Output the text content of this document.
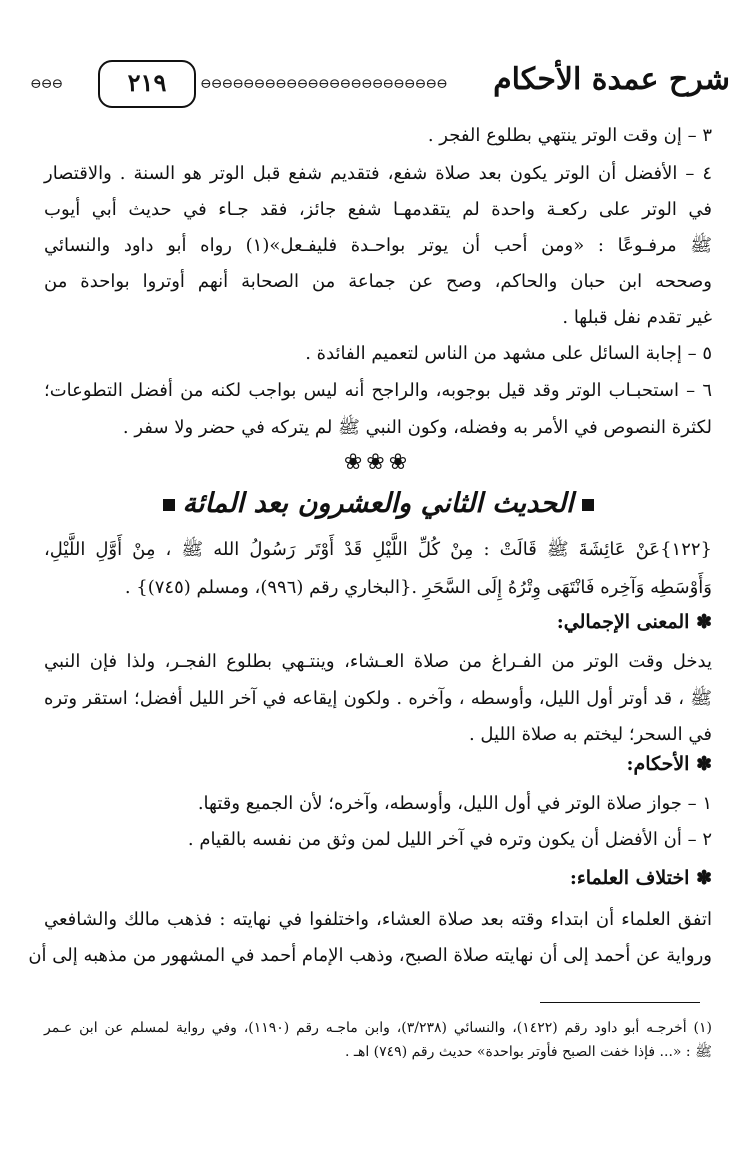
⊖⊖⊖	٢١٩	⊖⊖⊖⊖⊖⊖⊖⊖⊖⊖⊖⊖⊖⊖⊖⊖⊖⊖⊖⊖⊖⊖⊖	شرح عمدة الأحكام
٣ – إن وقت الوتر ينتهي بطلوع الفجر .
٤ – الأفضل أن الوتر يكون بعد صلاة شفع، فتقديم شفع قبل الوتر هو السنة . والاقتصار
في الوتر على ركعـة واحدة لم يتقدمهـا شفع جائز، فقد جـاء في حديث أبي أيوب
ﷺ مرفـوعًا : «ومن أحب أن يوتر بواحـدة فليفـعل»(١) رواه أبو داود والنسائي
وصححه ابن حبان والحاكم، وصح عن جماعة من الصحابة أنهم أوتروا بواحدة من
غير تقدم نفل قبلها .
٥ – إجابة السائل على مشهد من الناس لتعميم الفائدة .
٦ – استحبـاب الوتر وقد قيل بوجوبه، والراجح أنه ليس بواجب لكنه من أفضل التطوعات؛
لكثرة النصوص في الأمر به وفضله، وكون النبي ﷺ لم يتركه في حضر ولا سفر .
❀❀❀
الحديث الثاني والعشرون بعد المائة
{١٢٢}عَنْ عَائِشَةَ ﷺ قَالَتْ : مِنْ كُلِّ اللَّيْلِ قَدْ أَوْتَر رَسُولُ الله ﷺ ، مِنْ أَوَّلِ اللَّيْلِ،
وَأَوْسَطِه وَآخِره فَانْتَهَى وِتْرُهُ إِلَى السَّحَرِ .{البخاري رقم (٩٩٦)، ومسلم (٧٤٥)} .
✽ المعنى الإجمالي:
يدخل وقت الوتر من الفـراغ من صلاة العـشاء، وينتـهي بطلوع الفجـر، ولذا فإن النبي
ﷺ ، قد أوتر أول الليل، وأوسطه ، وآخره . ولكون إيقاعه في آخر الليل أفضل؛ استقر وتره
في السحر؛ ليختم به صلاة الليل .
✽ الأحكام:
١ – جواز صلاة الوتر في أول الليل، وأوسطه، وآخره؛ لأن الجميع وقتها.
٢ – أن الأفضل أن يكون وتره في آخر الليل لمن وثق من نفسه بالقيام .
✽ اختلاف العلماء:
اتفق العلماء أن ابتداء وقته بعد صلاة العشاء، واختلفوا في نهايته : فذهب مالك والشافعي
ورواية عن أحمد إلى أن نهايته صلاة الصبح، وذهب الإمام أحمد في المشهور من مذهبه إلى أن
(١) أخرجـه أبو داود رقم (١٤٢٢)، والنسائي (٣/٢٣٨)، وابن ماجـه رقم (١١٩٠)، وفي رواية لمسلم عن ابن عـمر
ﷺ : «... فإذا خفت الصبح فأوتر بواحدة» حديث رقم (٧٤٩) اهـ .
